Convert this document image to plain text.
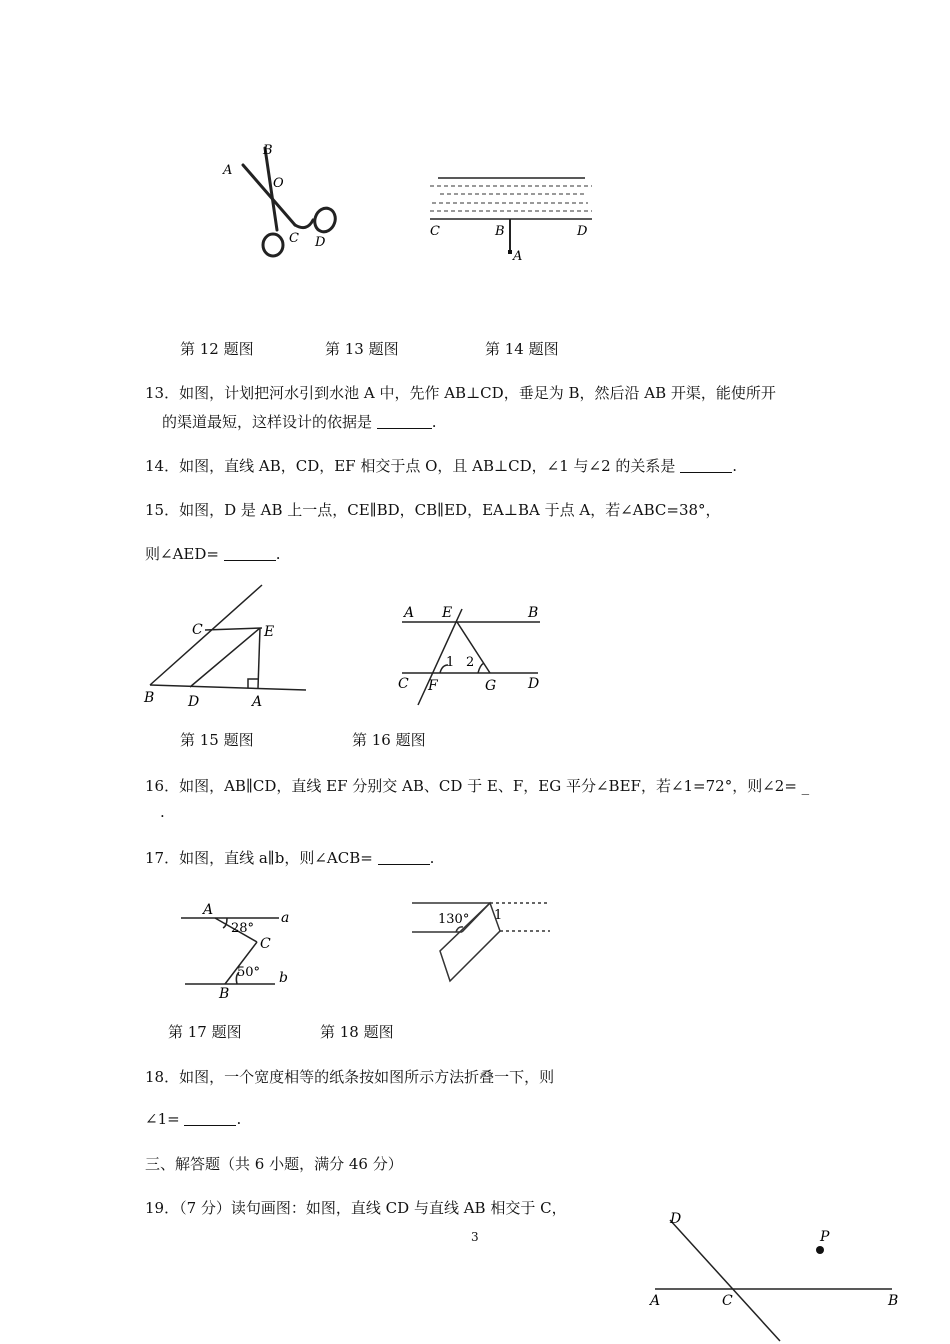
A
B
O
C D
C	B	D
A
第 12 题图	第 13 题图	第 14 题图
13．如图，计划把河水引到水池 A 中，先作 AB⊥CD，垂足为 B，然后沿 AB 开渠，能使所开
的渠道最短，这样设计的依据是	.
14．如图，直线 AB，CD，EF 相交于点 O，且 AB⊥CD，∠1 与∠2 的关系是	.
15．如图，D 是 AB 上一点，CE∥BD，CB∥ED，EA⊥BA 于点 A，若∠ABC=38°，
则∠AED=	.
C	E
B D	A
A E	B
C
1 2
F	G D
第 15 题图	第 16 题图
16．如图，AB∥CD，直线 EF 分别交 AB、CD 于 E、F，EG 平分∠BEF，若∠1=72°，则∠2= _
.
17．如图，直线 a∥b，则∠ACB=	.
A
28°
a
C
50° b
B
130° 1
第 17 题图	第 18 题图
18．如图，一个宽度相等的纸条按如图所示方法折叠一下，则
∠1=	.
三、解答题（共 6 小题，满分 46 分）
19．（7 分）读句画图：如图，直线 CD 与直线 AB 相交于 C，
3
D
P
A	C	B
